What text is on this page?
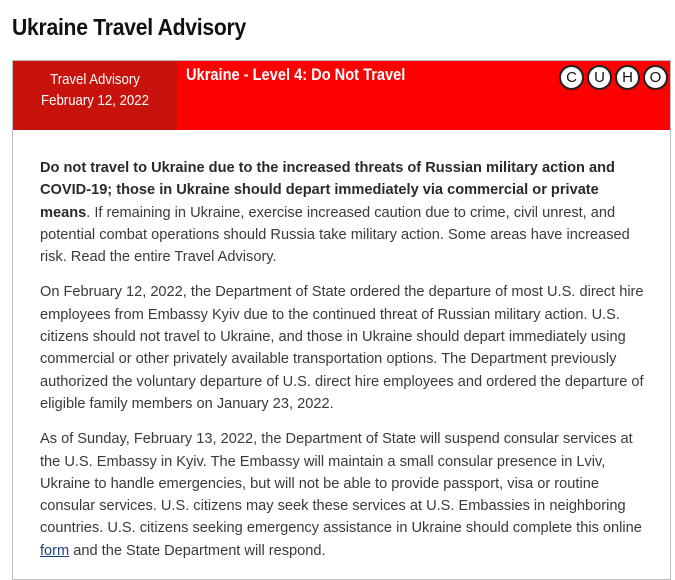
Ukraine Travel Advisory
Travel Advisory
February 12, 2022
Ukraine - Level 4: Do Not Travel	C	U	H	O

Do not travel to Ukraine due to the increased threats of Russian military action and COVID-19; those in Ukraine should depart immediately via commercial or private means. If remaining in Ukraine, exercise increased caution due to crime, civil unrest, and potential combat operations should Russia take military action. Some areas have increased risk. Read the entire Travel Advisory.

On February 12, 2022, the Department of State ordered the departure of most U.S. direct hire employees from Embassy Kyiv due to the continued threat of Russian military action. U.S. citizens should not travel to Ukraine, and those in Ukraine should depart immediately using commercial or other privately available transportation options. The Department previously authorized the voluntary departure of U.S. direct hire employees and ordered the departure of eligible family members on January 23, 2022.

As of Sunday, February 13, 2022, the Department of State will suspend consular services at the U.S. Embassy in Kyiv. The Embassy will maintain a small consular presence in Lviv, Ukraine to handle emergencies, but will not be able to provide passport, visa or routine consular services. U.S. citizens may seek these services at U.S. Embassies in neighboring countries. U.S. citizens seeking emergency assistance in Ukraine should complete this online form and the State Department will respond.
